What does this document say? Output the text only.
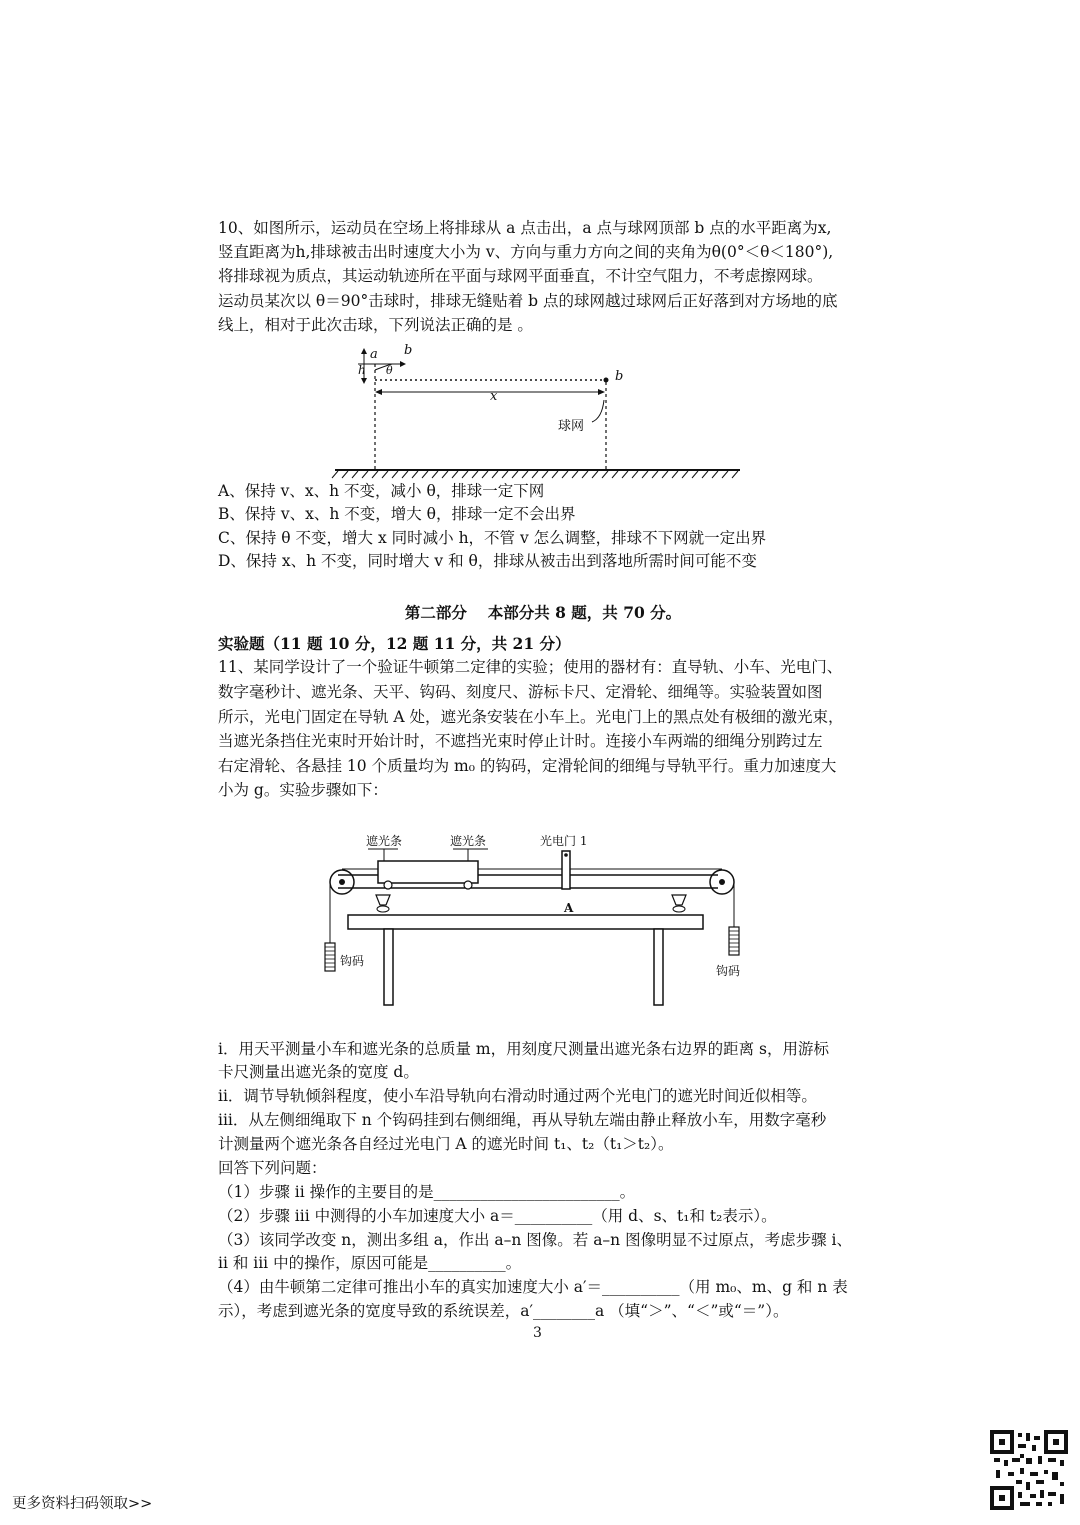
10、如图所示，运动员在空场上将排球从 a 点击出，a 点与球网顶部 b 点的水平距离为x,
竖直距离为h,排球被击出时速度大小为 v、方向与重力方向之间的夹角为θ(0°＜θ＜180°),
将排球视为质点，其运动轨迹所在平面与球网平面垂直，不计空气阻力，不考虑擦网球。
运动员某次以 θ＝90°击球时，排球无缝贴着 b 点的球网越过球网后正好落到对方场地的底
线上，相对于此次击球，下列说法正确的是 。
a b
h θ	b
x
球网
A、保持 v、x、h 不变，减小 θ，排球一定下网
B、保持 v、x、h 不变，增大 θ，排球一定不会出界
C、保持 θ 不变，增大 x 同时减小 h，不管 v 怎么调整，排球不下网就一定出界
D、保持 x、h 不变，同时增大 v 和 θ，排球从被击出到落地所需时间可能不变
第二部分　 本部分共 8 题，共 70 分。
实验题（11 题 10 分，12 题 11 分，共 21 分）
11、某同学设计了一个验证牛顿第二定律的实验；使用的器材有：直导轨、小车、光电门、
数字毫秒计、遮光条、天平、钩码、刻度尺、游标卡尺、定滑轮、细绳等。实验装置如图
所示，光电门固定在导轨 A 处，遮光条安装在小车上。光电门上的黑点处有极细的激光束，
当遮光条挡住光束时开始计时，不遮挡光束时停止计时。连接小车两端的细绳分别跨过左
右定滑轮、各悬挂 10 个质量均为 m₀ 的钩码，定滑轮间的细绳与导轨平行。重力加速度大
小为 g。实验步骤如下：
遮光条	遮光条	光电门 1
A
钩码
钩码
i．用天平测量小车和遮光条的总质量 m，用刻度尺测量出遮光条右边界的距离 s，用游标
卡尺测量出遮光条的宽度 d。
ii．调节导轨倾斜程度，使小车沿导轨向右滑动时通过两个光电门的遮光时间近似相等。
iii．从左侧细绳取下 n 个钩码挂到右侧细绳，再从导轨左端由静止释放小车，用数字毫秒
计测量两个遮光条各自经过光电门 A 的遮光时间 t₁、t₂（t₁＞t₂）。
回答下列问题：
（1）步骤 ii 操作的主要目的是________________________。
（2）步骤 iii 中测得的小车加速度大小 a＝__________（用 d、s、t₁和 t₂表示）。
（3）该同学改变 n，测出多组 a，作出 a–n 图像。若 a–n 图像明显不过原点，考虑步骤 i、
ii 和 iii 中的操作，原因可能是__________。
（4）由牛顿第二定律可推出小车的真实加速度大小 a′＝__________（用 m₀、m、g 和 n 表
示），考虑到遮光条的宽度导致的系统误差，a′________a （填“＞”、“＜”或“＝”）。
3
更多资料扫码领取>>
